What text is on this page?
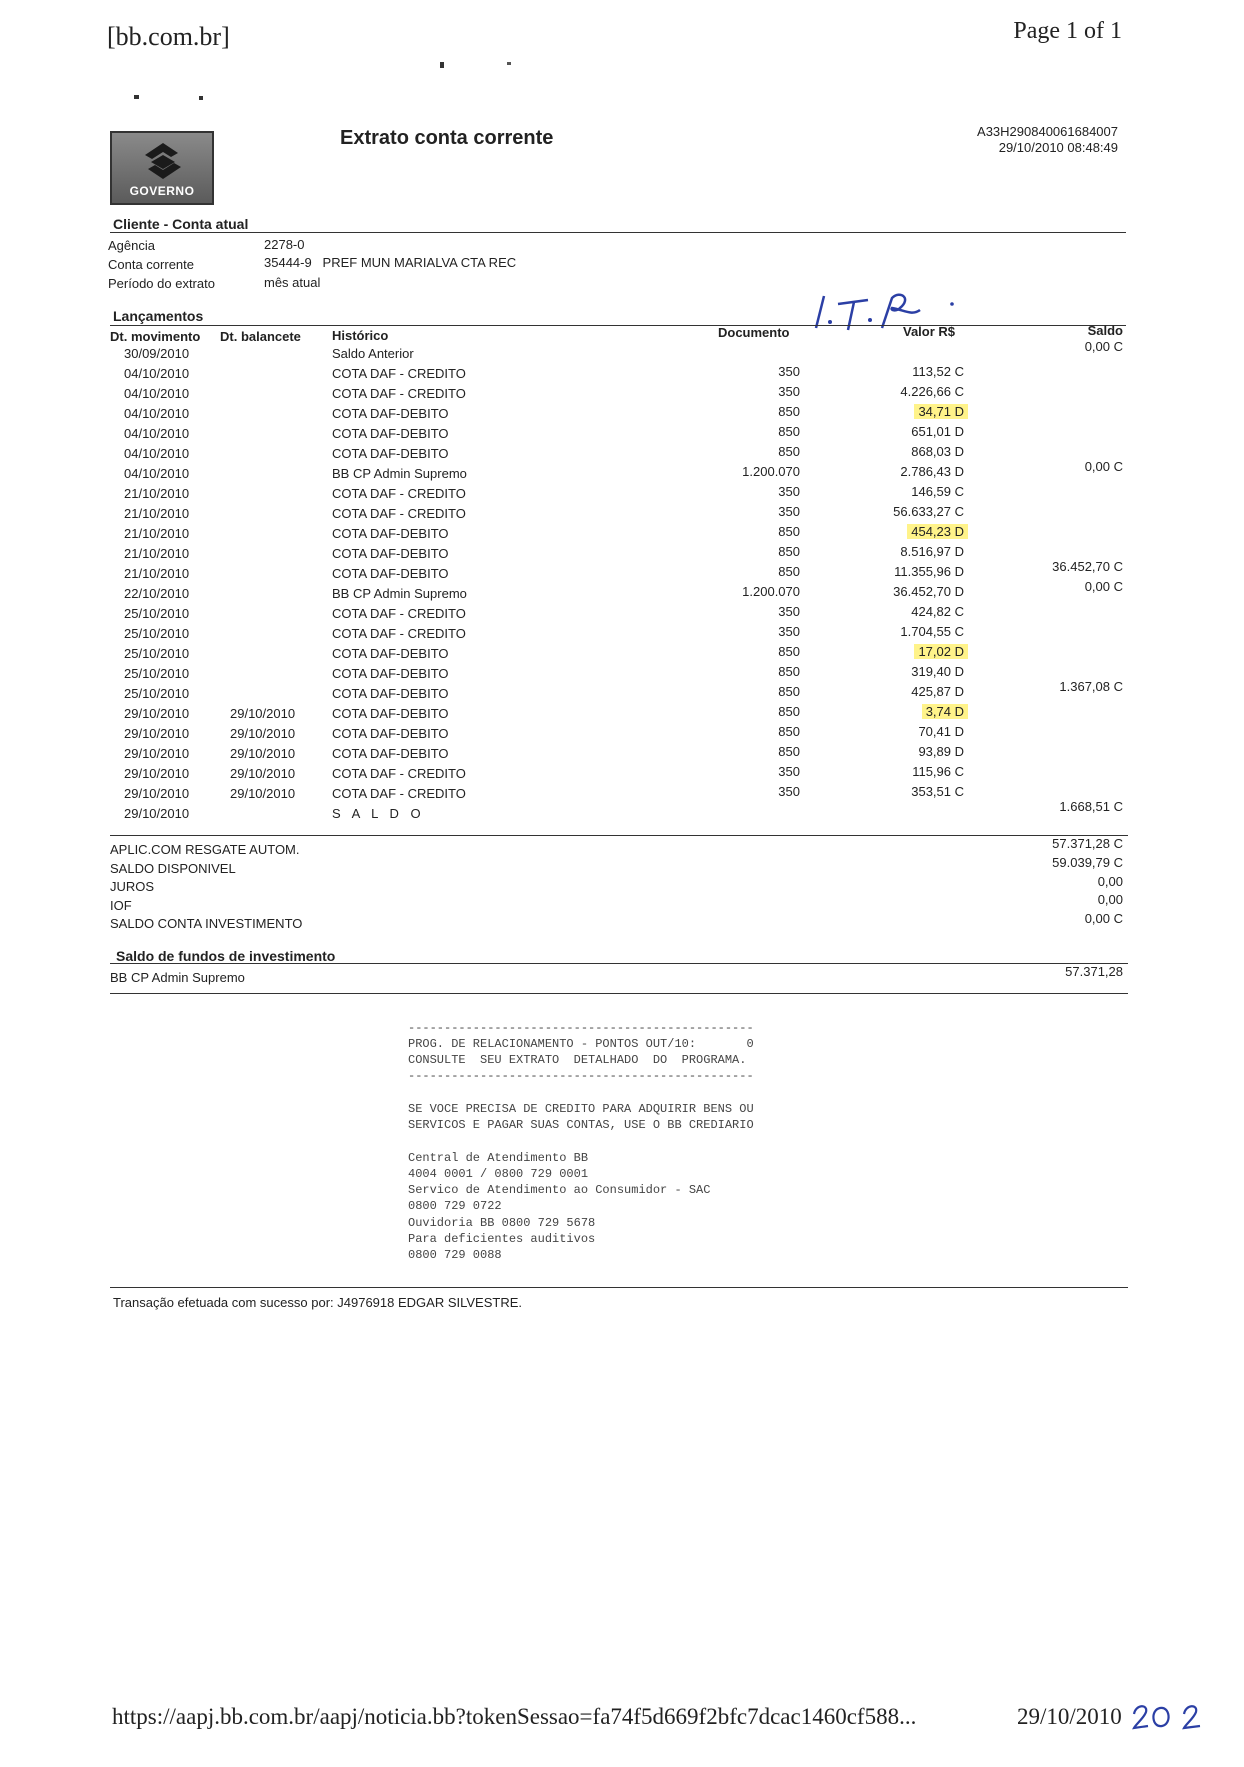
[bb.com.br]	Page 1 of 1
GOVERNO
Extrato conta corrente	A33H290840061684007
29/10/2010 08:48:49
Cliente - Conta atual
Agência	2278-0
Conta corrente	35444-9   PREF MUN MARIALVA CTA REC
Período do extrato	mês atual
Lançamentos
Dt. movimento Dt. balancete Histórico	Documento	Valor R$	Saldo
30/09/2010	Saldo Anterior	0,00 C
04/10/2010	COTA DAF - CREDITO	350	113,52 C
04/10/2010	COTA DAF - CREDITO	350	4.226,66 C
04/10/2010	COTA DAF-DEBITO	850	34,71 D
04/10/2010	COTA DAF-DEBITO	850	651,01 D
04/10/2010	COTA DAF-DEBITO	850	868,03 D
04/10/2010	BB CP Admin Supremo	1.200.070	2.786,43 D	0,00 C
21/10/2010	COTA DAF - CREDITO	350	146,59 C
21/10/2010	COTA DAF - CREDITO	350	56.633,27 C
21/10/2010	COTA DAF-DEBITO	850	454,23 D
21/10/2010	COTA DAF-DEBITO	850	8.516,97 D
21/10/2010	COTA DAF-DEBITO	850	11.355,96 D	36.452,70 C
22/10/2010	BB CP Admin Supremo	1.200.070	36.452,70 D	0,00 C
25/10/2010	COTA DAF - CREDITO	350	424,82 C
25/10/2010	COTA DAF - CREDITO	350	1.704,55 C
25/10/2010	COTA DAF-DEBITO	850	17,02 D
25/10/2010	COTA DAF-DEBITO	850	319,40 D
25/10/2010	COTA DAF-DEBITO	850	425,87 D	1.367,08 C
29/10/2010	29/10/2010	COTA DAF-DEBITO	850	3,74 D
29/10/2010	29/10/2010	COTA DAF-DEBITO	850	70,41 D
29/10/2010	29/10/2010	COTA DAF-DEBITO	850	93,89 D
29/10/2010	29/10/2010	COTA DAF - CREDITO	350	115,96 C
29/10/2010	29/10/2010	COTA DAF - CREDITO	350	353,51 C
29/10/2010	S A L D O	1.668,51 C
APLIC.COM RESGATE AUTOM.	57.371,28 C
SALDO DISPONIVEL	59.039,79 C
JUROS	0,00
IOF	0,00
SALDO CONTA INVESTIMENTO	0,00 C
Saldo de fundos de investimento
BB CP Admin Supremo	57.371,28
------------------------------------------------
PROG. DE RELACIONAMENTO - PONTOS OUT/10:       0
CONSULTE  SEU EXTRATO  DETALHADO  DO  PROGRAMA.
------------------------------------------------
SE VOCE PRECISA DE CREDITO PARA ADQUIRIR BENS OU
SERVICOS E PAGAR SUAS CONTAS, USE O BB CREDIARIO
Central de Atendimento BB
4004 0001 / 0800 729 0001
Servico de Atendimento ao Consumidor - SAC
0800 729 0722
Ouvidoria BB 0800 729 5678
Para deficientes auditivos
0800 729 0088
Transação efetuada com sucesso por: J4976918 EDGAR SILVESTRE.
https://aapj.bb.com.br/aapj/noticia.bb?tokenSessao=fa74f5d669f2bfc7dcac1460cf588...	29/10/2010
